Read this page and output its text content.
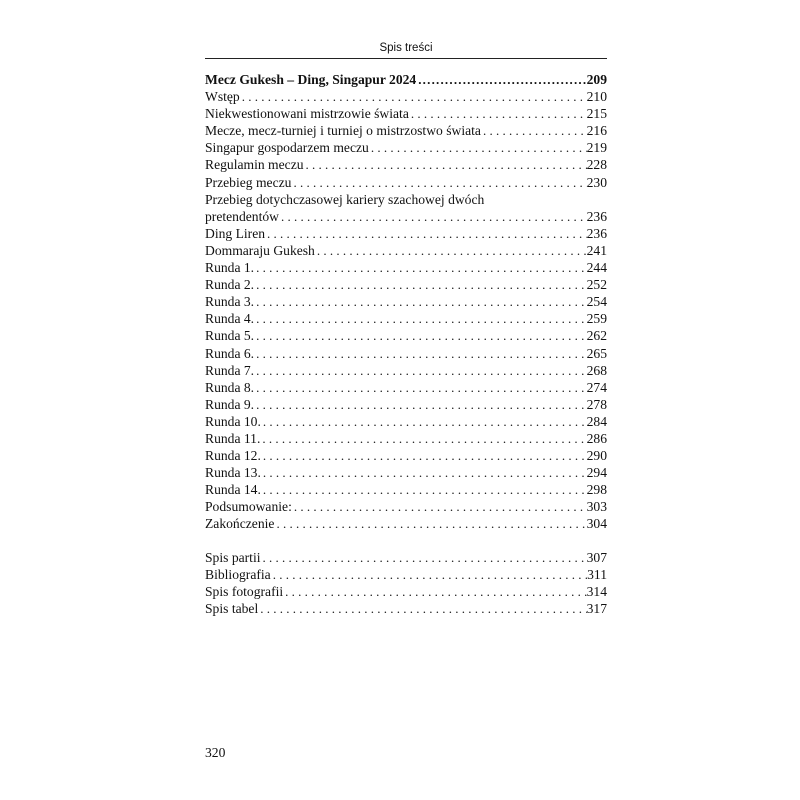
Spis treści
Mecz Gukesh – Ding, Singapur 2024 .....	209
Wstęp . . .	210
Niekwestionowani mistrzowie świata . . .	215
Mecze, mecz-turniej i turniej o mistrzostwo świata . . .	216
Singapur gospodarzem meczu . . .	219
Regulamin meczu . . .	228
Przebieg meczu . . .	230
Przebieg dotychczasowej kariery szachowej dwóch
pretendentów . . .	236
Ding Liren . . .	236
Dommaraju Gukesh . . .	241
Runda 1. . . .	244
Runda 2. . . .	252
Runda 3. . . .	254
Runda 4. . . .	259
Runda 5. . . .	262
Runda 6. . . .	265
Runda 7. . . .	268
Runda 8. . . .	274
Runda 9. . . .	278
Runda 10. . . .	284
Runda 11. . . .	286
Runda 12. . . .	290
Runda 13. . . .	294
Runda 14. . . .	298
Podsumowanie: . . .	303
Zakończenie . . .	304
Spis partii . . .	307
Bibliografia . . .	311
Spis fotografii . . .	314
Spis tabel . . .	317
320
